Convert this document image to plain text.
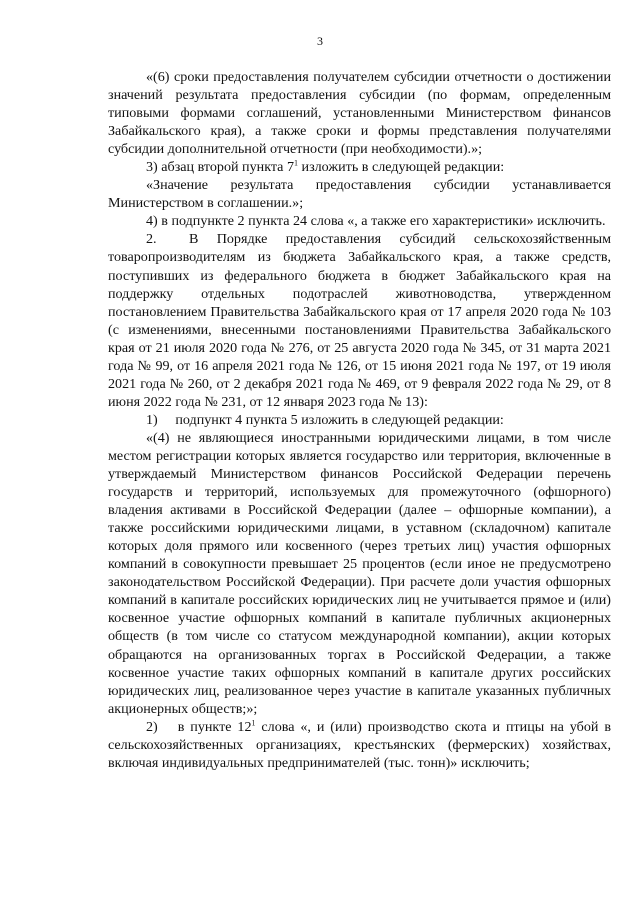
3

«(6) сроки предоставления получателем субсидии отчетности о достижении значений результата предоставления субсидии (по формам, определенным типовыми формами соглашений, установленными Министерством финансов Забайкальского края), а также сроки и формы представления получателями субсидии дополнительной отчетности (при необходимости).»;

3) абзац второй пункта $7^1$ изложить в следующей редакции:

«Значение результата предоставления субсидии устанавливается Министерством в соглашении.»;

4) в подпункте 2 пункта 24 слова «, а также его характеристики» исключить.

2.  В Порядке предоставления субсидий сельскохозяйственным товаропроизводителям из бюджета Забайкальского края, а также средств, поступивших из федерального бюджета в бюджет Забайкальского края на поддержку отдельных подотраслей животноводства, утвержденном постановлением Правительства Забайкальского края от 17 апреля 2020 года № 103 (с изменениями, внесенными постановлениями Правительства Забайкальского края от 21 июля 2020 года № 276, от 25 августа 2020 года № 345, от 31 марта 2021 года № 99, от 16 апреля 2021 года № 126, от 15 июня 2021 года № 197, от 19 июля 2021 года № 260, от 2 декабря 2021 года № 469, от 9 февраля 2022 года № 29, от 8 июня 2022 года № 231, от 12 января 2023 года № 13):

1)  подпункт 4 пункта 5 изложить в следующей редакции:

«(4) не являющиеся иностранными юридическими лицами, в том числе местом регистрации которых является государство или территория, включенные в утверждаемый Министерством финансов Российской Федерации перечень государств и территорий, используемых для промежуточного (офшорного) владения активами в Российской Федерации (далее – офшорные компании), а также российскими юридическими лицами, в уставном (складочном) капитале которых доля прямого или косвенного (через третьих лиц) участия офшорных компаний в совокупности превышает 25 процентов (если иное не предусмотрено законодательством Российской Федерации). При расчете доли участия офшорных компаний в капитале российских юридических лиц не учитывается прямое и (или) косвенное участие офшорных компаний в капитале публичных акционерных обществ (в том числе со статусом международной компании), акции которых обращаются на организованных торгах в Российской Федерации, а также косвенное участие таких офшорных компаний в капитале других российских юридических лиц, реализованное через участие в капитале указанных публичных акционерных обществ;»;

2)  в пункте $12^1$ слова «, и (или) производство скота и птицы на убой в сельскохозяйственных организациях, крестьянских (фермерских) хозяйствах, включая индивидуальных предпринимателей (тыс. тонн)» исключить;
